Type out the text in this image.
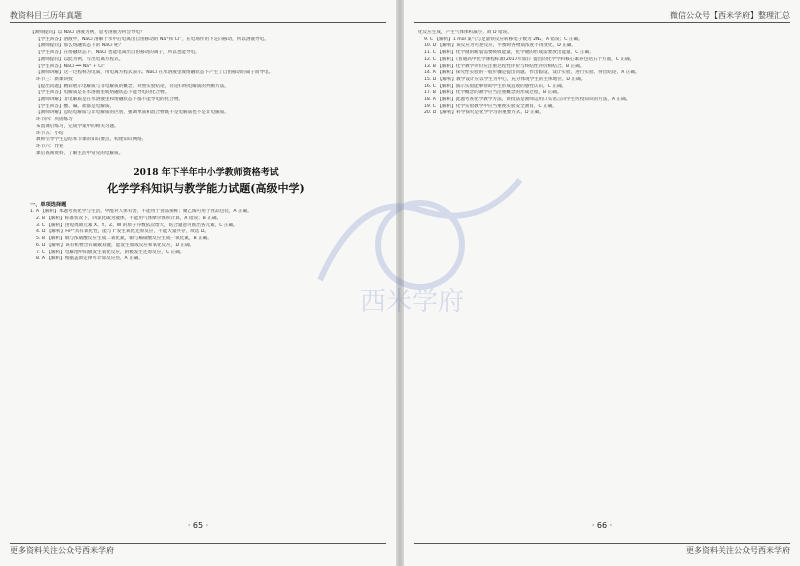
教资科目三历年真题
【教师提问】以 NaCl 溶液为例，思考溶液为何会导电？
【学生回答】溶液中，NaCl 溶解于水中后电离出自由移动的 Na⁺和 Cl⁻，在电场作用下定向移动，所以溶液导电。
【教师提问】那么熔融状态下的 NaCl 呢？
【学生回答】在熔融状态下，NaCl 也能电离出自由移动的离子，所以也能导电。
【教师提问】以此为例，写出电离方程式。
【学生回答】NaCl ══ Na⁺ + Cl⁻
【教师讲解】这一过程称为电离，用电离方程式表示。NaCl 在水溶液里或熔融状态下产生了自由移动的离子而导电。
环节三：新课讲授
【提出问题】精彩展示电解质与非电解质的概念，对照实验结论，讨论归纳电解质的判断方法。
【学生回答】电解质是在水溶液里或熔融状态下能导电的化合物。
【教师讲解】非电解质是在水溶液里和熔融状态下都不能导电的化合物。
【学生回答】酸、碱、盐都是电解质。
【教师讲解】总结电解质与非电解质的区别，强调单质和混合物既不是电解质也不是非电解质。
环节四：巩固练习
布置课后练习，完成学案中的相关习题。
环节五：小结
教师引导学生总结本节课的知识要点，构建知识网络。
环节六：作业
课后查阅资料，了解生活中常见的电解质。
2018 年下半年中小学教师资格考试
化学学科知识与教学能力试题(高级中学)
一、单项选择题
1. A 【解析】本题考查化学与生活。甲醛对人体有害，不能用于食品保鲜；聚乙烯可用于食品包装，A 正确。
2. B 【解析】标准状况下，四氯化碳为液体，不能用气体摩尔体积计算，A 错误；B 正确。
3. C 【解析】由短周期元素 X、Y、Z、W 的原子序数依次增大，结合题意可推出各元素，C 正确。
4. D 【解析】Fe³⁺具有氧化性，能与 I⁻发生氧化还原反应，不能大量共存，故选 D。
5. B 【解析】铜与浓硝酸反应生成二氧化氮，铜与稀硝酸反应生成一氧化氮，B 正确。
6. D 【解析】该有机物含有碳碳双键，能发生加成反应和氧化反应，D 正确。
7. C 【解析】电解池中阳极发生氧化反应，阴极发生还原反应，C 正确。
8. A 【解析】根据盖斯定律可计算反应热，A 正确。
· 65 ·
更多资料关注公众号西米学府
微信公众号【西米学府】整理汇总
化反应生成，产生气体体积减小，故 D 错误。
9. C 【解析】1 mol 氯气与足量铁反应转移电子数为 2Nₐ，A 错误；C 正确。
10. D 【解析】该反应为可逆反应，平衡时各物质浓度不再变化，D 正确。
11. C 【解析】化学键的断裂需要吸收能量，化学键的形成需要放出能量，C 正确。
12. C 【解析】《普通高中化学课程标准(2017年版)》提出的化学学科核心素养包括五个方面，C 正确。
13. B 【解析】化学教学评价应注重过程性评价与终结性评价相结合，B 正确。
14. A 【解析】探究性实验的一般步骤是提出问题、作出假设、设计实验、进行实验、得出结论，A 正确。
15. D 【解析】教学设计应以学生为中心，充分体现学生的主体地位，D 正确。
16. C 【解析】演示实验能够帮助学生形成直观的感性认识，C 正确。
17. B 【解析】化学概念的教学应当注重概念的形成过程，B 正确。
18. A 【解析】此题考查化学教学方法，讲授法是教师运用口头语言向学生传授知识的方法，A 正确。
19. C 【解析】化学实验教学中应当重视实验安全教育，C 正确。
20. D 【解析】科学探究是化学学习的重要方式，D 正确。
· 66 ·
更多资料关注公众号西米学府
西米学府
